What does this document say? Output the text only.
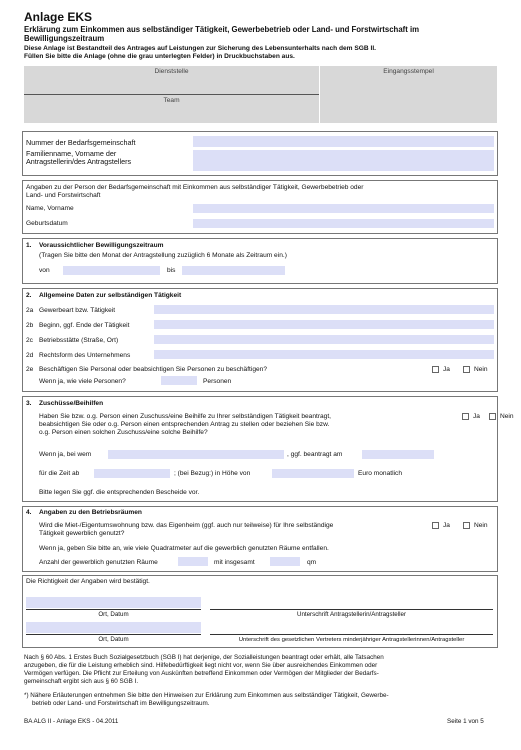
Anlage EKS
Erklärung zum Einkommen aus selbständiger Tätigkeit, Gewerbebetrieb oder Land- und Forstwirtschaft im
Bewilligungszeitraum
Diese Anlage ist Bestandteil des Antrages auf Leistungen zur Sicherung des Lebensunterhalts nach dem SGB II.
Füllen Sie bitte die Anlage (ohne die grau unterlegten Felder) in Druckbuchstaben aus.
Dienststelle
Team
Eingangsstempel
Nummer der Bedarfsgemeinschaft
Familienname, Vorname der
Antragstellerin/des Antragstellers
Angaben zu der Person der Bedarfsgemeinschaft mit Einkommen aus selbständiger Tätigkeit, Gewerbebetrieb oder
Land- und Forstwirtschaft
Name, Vorname
Geburtsdatum
1. Voraussichtlicher Bewilligungszeitraum
(Tragen Sie bitte den Monat der Antragstellung zuzüglich 6 Monate als Zeitraum ein.)
von	bis
2. Allgemeine Daten zur selbständigen Tätigkeit
2a Gewerbeart bzw. Tätigkeit
2b Beginn, ggf. Ende der Tätigkeit
2c Betriebsstätte (Straße, Ort)
2d Rechtsform des Unternehmens
2e Beschäftigen Sie Personal oder beabsichtigen Sie Personen zu beschäftigen?	Ja	Nein
Wenn ja, wie viele Personen?	Personen
3. Zuschüsse/Beihilfen
Haben Sie bzw. o.g. Person einen Zuschuss/eine Beihilfe zu Ihrer selbständigen Tätigkeit beantragt,
beabsichtigen Sie oder o.g. Person einen entsprechenden Antrag zu stellen oder beziehen Sie bzw.
o.g. Person einen solchen Zuschuss/eine solche Beihilfe?
Ja	Nein
Wenn ja, bei wem	, ggf. beantragt am
für die Zeit ab	; (bei Bezug:) in Höhe von	Euro monatlich
Bitte legen Sie ggf. die entsprechenden Bescheide vor.
4. Angaben zu den Betriebsräumen
Wird die Miet-/Eigentumswohnung bzw. das Eigenheim (ggf. auch nur teilweise) für Ihre selbständige
Tätigkeit gewerblich genutzt?
Ja	Nein
Wenn ja, geben Sie bitte an, wie viele Quadratmeter auf die gewerblich genutzten Räume entfallen.
Anzahl der gewerblich genutzten Räume	mit insgesamt	qm
Die Richtigkeit der Angaben wird bestätigt.
Ort, Datum	Unterschrift Antragstellerin/Antragsteller
Ort, Datum	Unterschrift des gesetzlichen Vertreters minderjähriger Antragstellerinnen/Antragsteller
Nach § 60 Abs. 1 Erstes Buch Sozialgesetzbuch (SGB I) hat derjenige, der Sozialleistungen beantragt oder erhält, alle Tatsachen
anzugeben, die für die Leistung erheblich sind. Hilfebedürftigkeit liegt nicht vor, wenn Sie über ausreichendes Einkommen oder
Vermögen verfügen. Die Pflicht zur Erteilung von Auskünften betreffend Einkommen oder Vermögen der Mitglieder der Bedarfs-
gemeinschaft ergibt sich aus § 60 SGB I.
*) Nähere Erläuterungen entnehmen Sie bitte den Hinweisen zur Erklärung zum Einkommen aus selbständiger Tätigkeit, Gewerbe-
betrieb oder Land- und Forstwirtschaft im Bewilligungszeitraum.
BA ALG II - Anlage EKS - 04.2011	Seite 1 von 5
